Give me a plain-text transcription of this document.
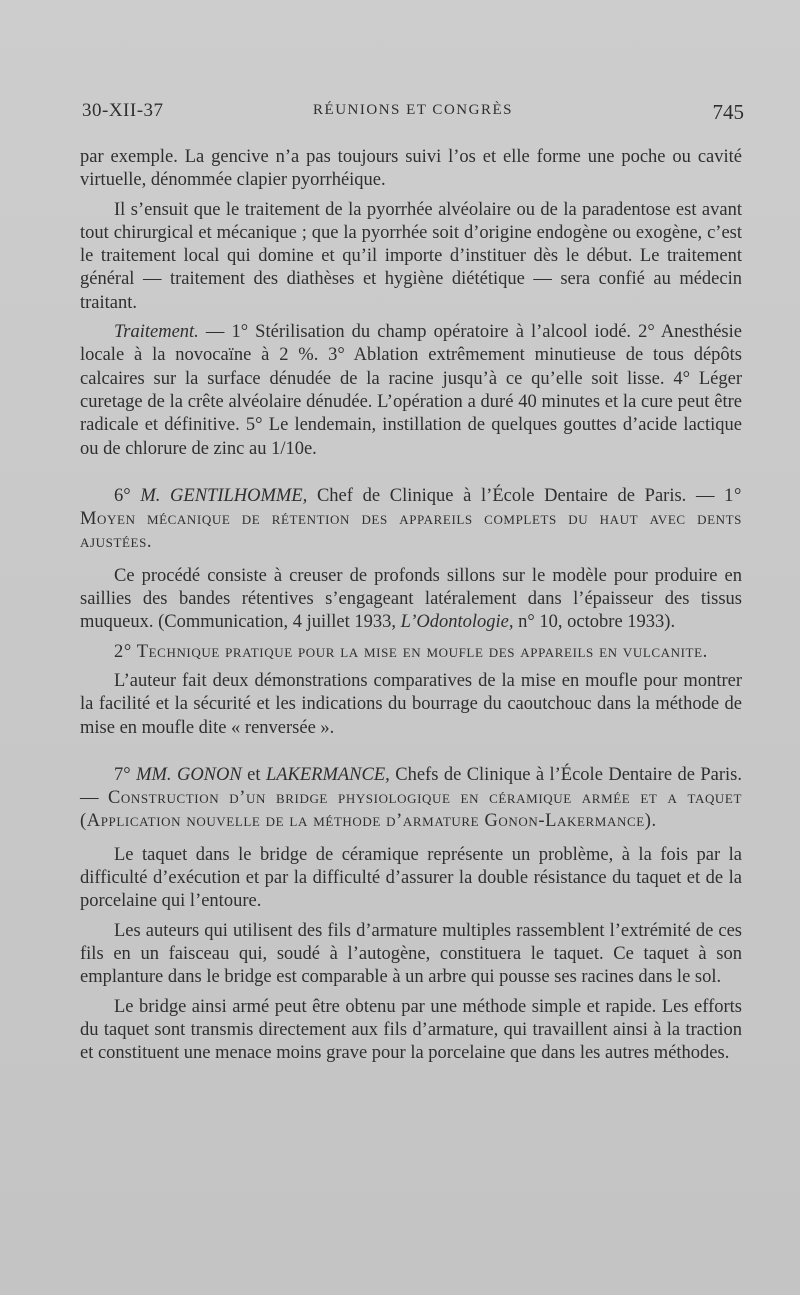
30-XII-37	RÉUNIONS ET CONGRÈS	745

par exemple. La gencive n’a pas toujours suivi l’os et elle forme une poche ou cavité virtuelle, dénommée clapier pyorrhéique.

Il s’ensuit que le traitement de la pyorrhée alvéolaire ou de la paradentose est avant tout chirurgical et mécanique ; que la pyorrhée soit d’origine endogène ou exogène, c’est le traitement local qui domine et qu’il importe d’instituer dès le début. Le traitement général — traitement des diathèses et hygiène diététique — sera confié au médecin traitant.

Traitement. — 1° Stérilisation du champ opératoire à l’alcool iodé. 2° Anesthésie locale à la novocaïne à 2 %. 3° Ablation extrêmement minutieuse de tous dépôts calcaires sur la surface dénudée de la racine jusqu’à ce qu’elle soit lisse. 4° Léger curetage de la crête alvéolaire dénudée. L’opération a duré 40 minutes et la cure peut être radicale et définitive. 5° Le lendemain, instillation de quelques gouttes d’acide lactique ou de chlorure de zinc au 1/10e.

6° M. GENTILHOMME, Chef de Clinique à l’École Dentaire de Paris. — 1° Moyen mécanique de rétention des appareils complets du haut avec dents ajustées.

Ce procédé consiste à creuser de profonds sillons sur le modèle pour produire en saillies des bandes rétentives s’engageant latéralement dans l’épaisseur des tissus muqueux. (Communication, 4 juillet 1933, L’Odontologie, n° 10, octobre 1933).

2° Technique pratique pour la mise en moufle des appareils en vulcanite.

L’auteur fait deux démonstrations comparatives de la mise en moufle pour montrer la facilité et la sécurité et les indications du bourrage du caoutchouc dans la méthode de mise en moufle dite « renversée ».

7° MM. GONON et LAKERMANCE, Chefs de Clinique à l’École Dentaire de Paris. — Construction d’un bridge physiologique en céramique armée et a taquet (Application nouvelle de la méthode d’armature Gonon-Lakermance).

Le taquet dans le bridge de céramique représente un problème, à la fois par la difficulté d’exécution et par la difficulté d’assurer la double résistance du taquet et de la porcelaine qui l’entoure.

Les auteurs qui utilisent des fils d’armature multiples rassemblent l’extrémité de ces fils en un faisceau qui, soudé à l’autogène, constituera le taquet. Ce taquet à son emplanture dans le bridge est comparable à un arbre qui pousse ses racines dans le sol.

Le bridge ainsi armé peut être obtenu par une méthode simple et rapide. Les efforts du taquet sont transmis directement aux fils d’armature, qui travaillent ainsi à la traction et constituent une menace moins grave pour la porcelaine que dans les autres méthodes.
